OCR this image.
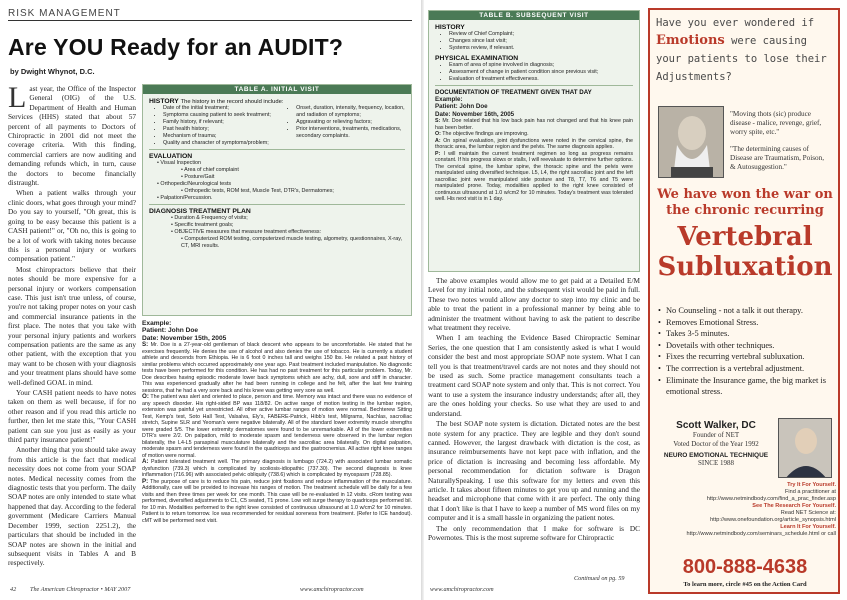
RISK MANAGEMENT
Are YOU Ready for an AUDIT?
by Dwight Whynot, D.C.

Last year, the Office of the Inspector General (OIG) of the U.S. Department of Health and Human Services (HHS) stated that about 57 percent of all payments to Doctors of Chiropractic in 2001 did not meet the coverage criteria. With this finding, commercial carriers are now auditing and demanding refunds which, in turn, cause the doctors to become financially distraught.

When a patient walks through your clinic doors, what goes through your mind? Do you say to yourself, "Oh great, this is going to be easy because this patient is a CASH patient!" or, "Oh no, this is going to be a lot of work with taking notes because this is a personal injury or workers compensation patient."

Most chiropractors believe that their notes should be more expensive for a personal injury or workers compensation case. This just isn't true unless, of course, you're not taking proper notes on your cash and commercial insurance patients in the first place. The notes that you take with your personal injury patients and workers compensation patients are the same as any other patient, with the exception that you may want to be chosen with your diagnosis and your treatment plans should have some well-defined GOAL in mind.

Your CASH patient needs to have notes taken on them as well because, if for no other reason and if you read this article no further, then let me state this, "Your CASH patient can sue you just as easily as your third party insurance patient!"

Another thing that you should take away from this article is the fact that medical necessity does not come from your SOAP notes. Medical necessity comes from the diagnostic tests that you perform. The daily SOAP notes are only intended to state what happened that day. According to the federal government (Medicare Carriers Manual December 1999, section 2251.2), the particulars that should be included in the SOAP notes are shown in the initial and subsequent visits in Tables A and B respectively.

TABLE A. INITIAL VISIT
HISTORY The history in the record should include:
• Date of the initial treatment;
• Symptoms causing patient to seek treatment;
• Family history, if relevant;
• Past health history;
• Mechanism of trauma;
• Quality and character of symptoms/problem;
• Onset, duration, intensity, frequency, location, and radiation of symptoms;
• Aggravating or relieving factors;
• Prior interventions, treatments, medications, secondary complaints.
EVALUATION
• Visual Inspection
• Area of chief complaint
• Posture/Gait
• Orthopedic/Neurological tests
• Orthopedic tests, ROM test, Muscle Test, DTR's, Dermatomes;
• Palpation/Percussion.
DIAGNOSIS TREATMENT PLAN
• Duration & Frequency of visits;
• Specific treatment goals;
• OBJECTIVE measures that measure treatment effectiveness:
• Computerized ROM testing, computerized muscle testing, algometry, questionnaires, X-ray, CT, MRI results.
Example:
Patient: John Doe
Date: November 15th, 2005
S: Mr. Doe is a 27-year-old gentleman of black descent who appears to be uncomfortable. He stated that he exercises frequently. He denies the use of alcohol and also denies the use of tobacco. He is currently a student athlete and descends from Ethiopia. He is 6 foot 0 inches tall and weighs 150 lbs. He related a past history of similar problems which occurred approximately one year ago. Past treatment included manipulation. No diagnostic tests have been performed for this condition. He has had no past treatment for this particular problem. Today, Mr. Doe describes having episodic moderate lower back symptoms which are achy, dull, sore and stiff in character. This was experienced gradually after he had been running in college and he felt, after the last few training sessions, that he had a very sore back and his knee was getting very sore as well.
O: The patient was alert and oriented to place, person and time. Memory was intact and there was no evidence of any speech disorder. His right-sided BP was 118/82. On active range of motion testing in the lumbar region, extension was painful yet unrestricted. All other active lumbar ranges of motion were normal. Bechterew Sitting Test, Kemp's test, Soto Hall Test, Valsalva, Ely's, FABERE-Patrick, Hibb's test, Milgrams, Nachlas, sacroiliac stretch, Supine SLR and Yeoman's were negative bilaterally. All of the standard lower extremity muscle strengths were graded 5/5. The lower extremity dermatomes were found to be unremarkable. All of the lower extremities DTR's were 2/2. On palpation, mild to moderate spasm and tenderness were observed in the lumbar region bilaterally, the L4-L5 paraspinal musculature bilaterally and the sacroiliac area bilaterally. On digital palpation, moderate spasm and tenderness were found in the quadriceps and the gastrocnemius. All active right knee ranges of motion were normal.
A: Patient tolerated treatment well. The primary diagnosis is lumbago (724.2) with associated lumbar somatic dysfunction (739.3) which is complicated by scoliosis-idiopathic (737.30). The second diagnosis is knee inflammation (716.96) with associated pelvic obliquity (738.6) which is complicated by myospasm (728.85).
P: The purpose of care is to reduce his pain, reduce joint fixations and reduce inflammation of the musculature. Additionally, care will be provided to increase his ranges of motion. The treatment schedule will be daily for a few visits and then three times per week for one month. This case will be re-evaluated in 12 visits. cRom testing was performed, diversified adjustments to C1, C5 seated, T1 prone. Low volt surge therapy to quadriceps performed bil. for 10 min. Modalities performed to the right knee consisted of continuous ultrasound at 1.0 w/cm2 for 10 minutes. Patient is to return tomorrow. Ice was recommended for residual soreness from treatment. (Refer to ICE handout). cMT will be performed next visit.
42 The American Chiropractor • MAY 2007	www.amchiropractor.com
TABLE B. SUBSEQUENT VISIT
HISTORY
• Review of Chief Complaint;
• Changes since last visit;
• Systems review, if relevant.
PHYSICAL EXAMINATION
• Exam of area of spine involved in diagnosis;
• Assessment of change in patient condition since previous visit;
• Evaluation of treatment effectiveness.
DOCUMENTATION OF TREATMENT GIVEN THAT DAY
Example:
Patient: John Doe
Date: November 16th, 2005
S: Mr. Doe related that his low back pain has not changed and that his knee pain has been better.
O: The objective findings are improving.
A: On spinal evaluation, joint dysfunctions were noted in the cervical spine, the thoracic area, the lumbar region and the pelvis. The same diagnosis applies.
P: I will maintain the current treatment regimen so long as progress remains constant. If his progress slows or stalls, I will reevaluate to determine further options. The cervical spine, the lumbar spine, the thoracic spine and the pelvis were manipulated using diversified technique. L5, L4, the right sacroiliac joint and the left sacroiliac joint were manipulated side posture and T8, T7, T6 and T5 were manipulated prone. Today, modalities applied to the right knee consisted of continuous ultrasound at 1.0 w/cm2 for 10 minutes. Today's treatment was tolerated well. His next visit is in 1 day.

The above examples would allow me to get paid at a Detailed E/M Level for my initial note, and the subsequent visit would be paid in full. These two notes would allow any doctor to step into my clinic and be able to treat the patient in a professional manner by being able to administer the treatment without having to ask the patient to describe what treatment they receive.

When I am teaching the Evidence Based Chiropractic Seminar Series, the one question that I am consistently asked is what I would consider the best and most appropriate SOAP note system. What I can tell you is that treatment/travel cards are not notes and they should not be used as such. Some practice management consultants teach a treatment card SOAP note system and only that. This is not correct. You want to use a system the insurance industry understands; after all, they are the ones holding your checks. So use what they are used to and understand.

The best SOAP note system is dictation. Dictated notes are the best note system for any practice. They are legible and they don't sound canned. However, the largest drawback with dictation is the cost, as insurance reimbursements have not kept pace with inflation, and the price of dictation is increasing and becoming less affordable. My personal recommendation for dictation software is Dragon NaturallySpeaking. I use this software for my letters and even this article. It takes about fifteen minutes to get you up and running and the headset and microphone that come with it are perfect. The only thing that I don't like is that I have to keep a number of MS word files on my computer and it is a small hassle in organizing the patient notes.

The only recommendation that I make for software is DC Powernotes. This is the most supreme software for Chiropractic

Continued on pg. 59
www.amchiropractor.com
Have you ever wondered if Emotions were causing your patients to lose their Adjustments?
"Moving thots (sic) produce disease - malice, revenge, grief, worry spite, etc."
"The determining causes of Disease are Traumatism, Poison, & Autosuggestion."
We have won the war on the chronic recurring
Vertebral
Subluxation
• No Counseling - not a talk it out therapy.
• Removes Emotional Stress.
• Takes 3-5 minutes.
• Dovetails with other techniques.
• Fixes the recurring vertebral subluxation.
• The corrrection is a vertebral adjustment.
• Eliminate the Insurance game, the big market is emotional stress.
Scott Walker, DC
Founder of NET
Voted Doctor of the Year 1992
NEURO EMOTIONAL TECHNIQUE
SINCE 1988
Try It For Yourself.
Find a practitioner at
http://www.netmindbody.com/find_a_prac_finder.asp
See The Research For Yourself.
Read NET Science at:
http://www.onefoundation.org/article_synopsis.html
Learn It For Yourself.
http://www.netmindbody.com/seminars_schedule.html or call
800-888-4638
To learn more, circle #45 on the Action Card
